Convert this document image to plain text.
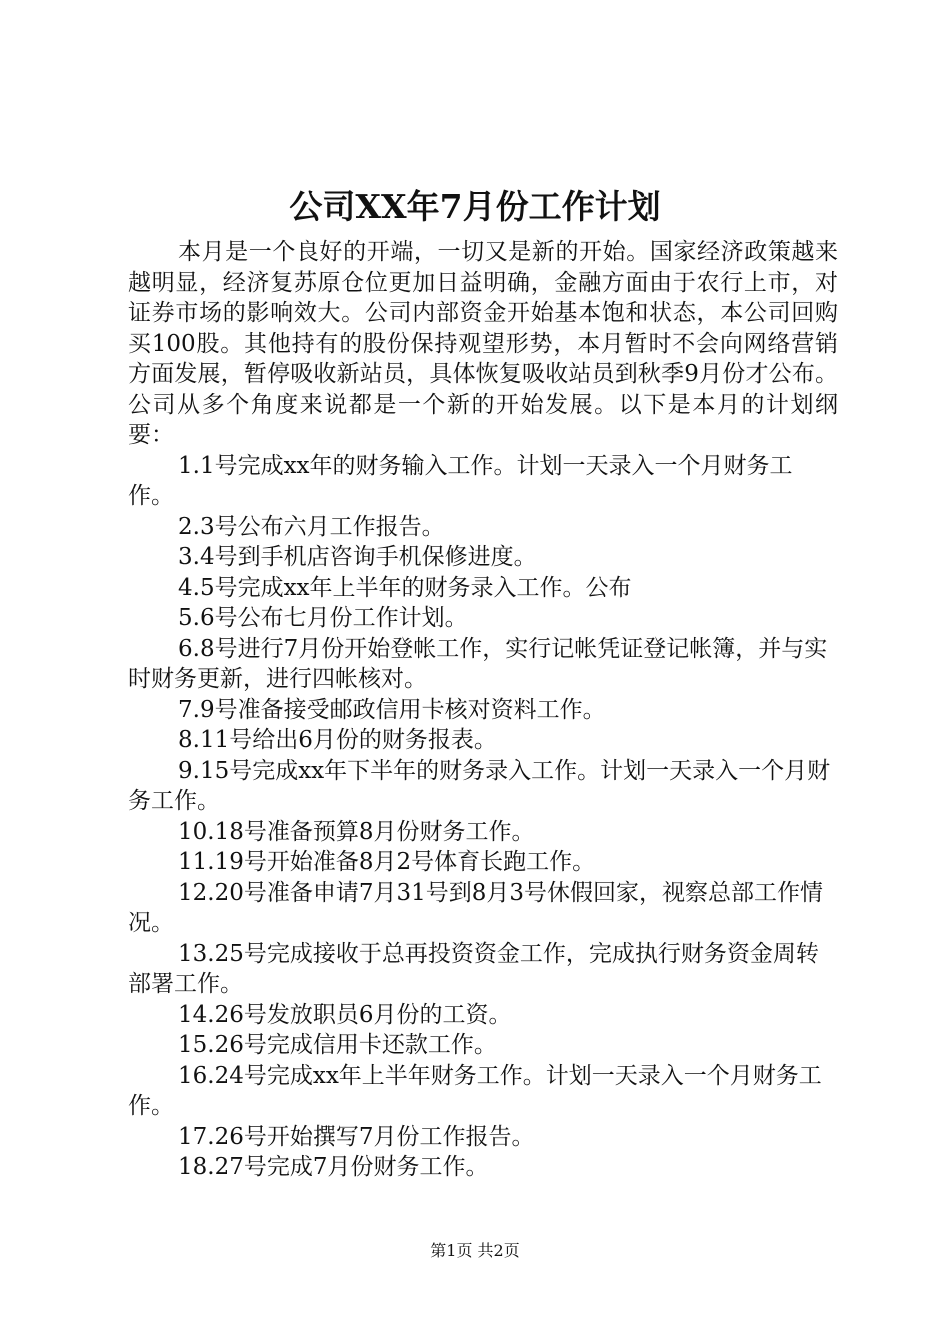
公司XX年7月份工作计划

本月是一个良好的开端，一切又是新的开始。国家经济政策越来越明显，经济复苏原仓位更加日益明确，金融方面由于农行上市，对证券市场的影响效大。公司内部资金开始基本饱和状态，本公司回购买100股。其他持有的股份保持观望形势，本月暂时不会向网络营销方面发展，暂停吸收新站员，具体恢复吸收站员到秋季9月份才公布。公司从多个角度来说都是一个新的开始发展。以下是本月的计划纲要：

1.1号完成xx年的财务输入工作。计划一天录入一个月财务工作。

2.3号公布六月工作报告。

3.4号到手机店咨询手机保修进度。

4.5号完成xx年上半年的财务录入工作。公布

5.6号公布七月份工作计划。

6.8号进行7月份开始登帐工作，实行记帐凭证登记帐簿，并与实时财务更新，进行四帐核对。

7.9号准备接受邮政信用卡核对资料工作。

8.11号给出6月份的财务报表。

9.15号完成xx年下半年的财务录入工作。计划一天录入一个月财务工作。

10.18号准备预算8月份财务工作。

11.19号开始准备8月2号体育长跑工作。

12.20号准备申请7月31号到8月3号休假回家，视察总部工作情况。

13.25号完成接收于总再投资资金工作，完成执行财务资金周转部署工作。

14.26号发放职员6月份的工资。

15.26号完成信用卡还款工作。

16.24号完成xx年上半年财务工作。计划一天录入一个月财务工作。

17.26号开始撰写7月份工作报告。

18.27号完成7月份财务工作。

第1页 共2页
